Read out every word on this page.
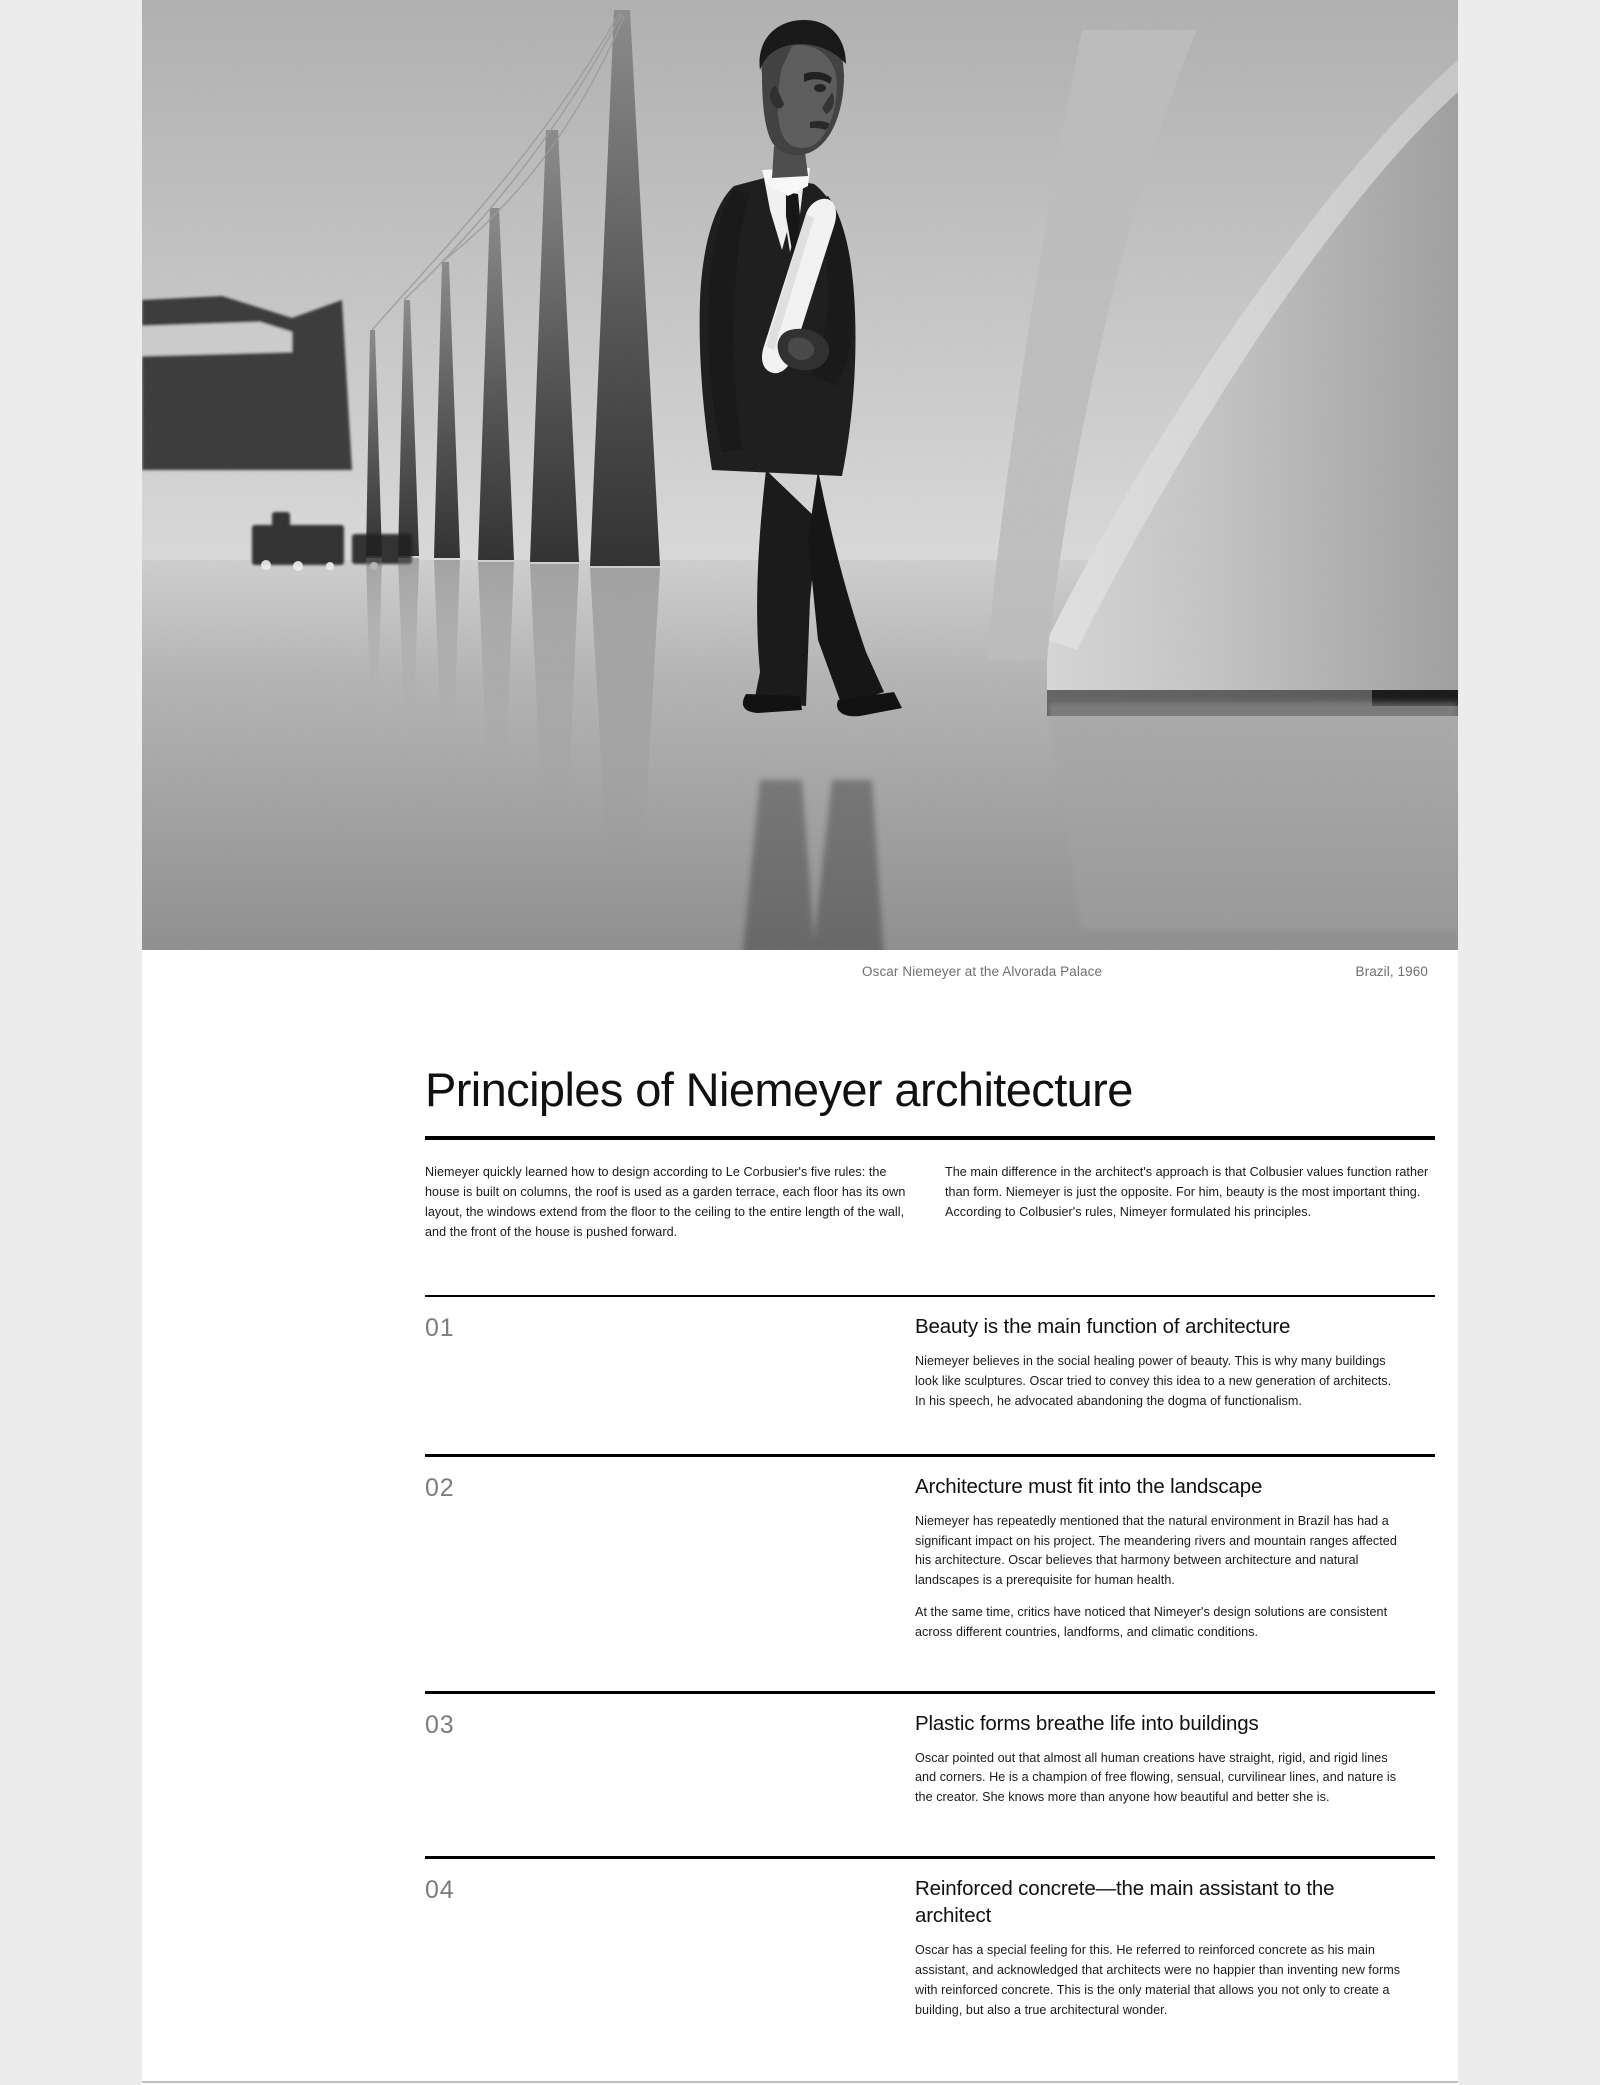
Oscar Niemeyer at the Alvorada Palace	Brazil, 1960
Principles of Niemeyer architecture

Niemeyer quickly learned how to design according to Le Corbusier's five rules: the house is built on columns, the roof is used as a garden terrace, each floor has its own layout, the windows extend from the floor to the ceiling to the entire length of the wall, and the front of the house is pushed forward.

The main difference in the architect's approach is that Colbusier values function rather than form. Niemeyer is just the opposite. For him, beauty is the most important thing. According to Colbusier's rules, Nimeyer formulated his principles.

01	Beauty is the main function of architecture

Niemeyer believes in the social healing power of beauty. This is why many buildings look like sculptures. Oscar tried to convey this idea to a new generation of architects. In his speech, he advocated abandoning the dogma of functionalism.

02	Architecture must fit into the landscape

Niemeyer has repeatedly mentioned that the natural environment in Brazil has had a significant impact on his project. The meandering rivers and mountain ranges affected his architecture. Oscar believes that harmony between architecture and natural landscapes is a prerequisite for human health.

At the same time, critics have noticed that Nimeyer's design solutions are consistent across different countries, landforms, and climatic conditions.

03	Plastic forms breathe life into buildings

Oscar pointed out that almost all human creations have straight, rigid, and rigid lines and corners. He is a champion of free flowing, sensual, curvilinear lines, and nature is the creator. She knows more than anyone how beautiful and better she is.

04	Reinforced concrete—the main assistant to the architect

Oscar has a special feeling for this. He referred to reinforced concrete as his main assistant, and acknowledged that architects were no happier than inventing new forms with reinforced concrete. This is the only material that allows you not only to create a building, but also a true architectural wonder.
